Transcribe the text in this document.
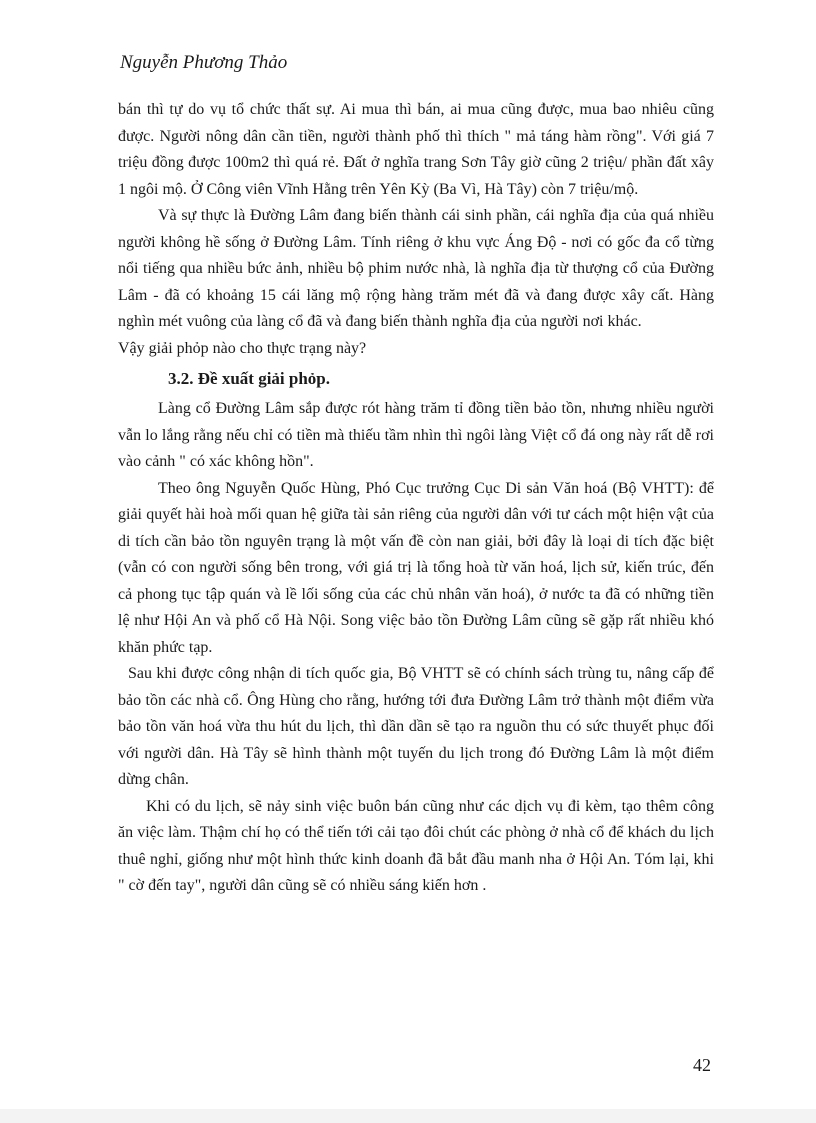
Nguyễn Phương Thảo

bán thì tự do vụ tổ chức thất sự. Ai mua thì bán, ai mua cũng được, mua bao nhiêu cũng được. Người nông dân cần tiền, người thành phố thì thích " mả táng hàm rồng". Với giá 7 triệu đồng được 100m2 thì quá rẻ. Đất ở nghĩa trang Sơn Tây giờ cũng 2 triệu/ phần đất xây 1 ngôi mộ. Ở Công viên Vĩnh Hằng trên Yên Kỳ (Ba Vì, Hà Tây) còn 7 triệu/mộ.

Và sự thực là Đường Lâm đang biến thành cái sinh phần, cái nghĩa địa của quá nhiều người không hề sống ở Đường Lâm. Tính riêng ở khu vực Áng Độ - nơi có gốc đa cổ từng nổi tiếng qua nhiều bức ảnh, nhiều bộ phim nước nhà, là nghĩa địa từ thượng cổ của Đường Lâm - đã có khoảng 15 cái lăng mộ rộng hàng trăm mét đã và đang được xây cất. Hàng nghìn mét vuông của làng cổ đã và đang biến thành nghĩa địa của người nơi khác.

Vậy giải phỏp nào cho thực trạng này?

3.2. Đề xuất giải phỏp.

Làng cổ Đường Lâm sắp được rót hàng trăm tỉ đồng tiền bảo tồn, nhưng nhiều người vẫn lo lắng rằng nếu chỉ có tiền mà thiếu tầm nhìn thì ngôi làng Việt cổ đá ong này rất dễ rơi vào cảnh " có xác không hồn".

Theo ông Nguyễn Quốc Hùng, Phó Cục trưởng Cục Di sản Văn hoá (Bộ VHTT): để giải quyết hài hoà mối quan hệ giữa tài sản riêng của người dân với tư cách một hiện vật của di tích cần bảo tồn nguyên trạng là một vấn đề còn nan giải, bởi đây là loại di tích đặc biệt (vẫn có con người sống bên trong, với giá trị là tổng hoà từ văn hoá, lịch sử, kiến trúc, đến cả phong tục tập quán và lề lối sống của các chủ nhân văn hoá), ở nước ta đã có những tiền lệ như Hội An và phố cổ Hà Nội. Song việc bảo tồn Đường Lâm cũng sẽ gặp rất nhiều khó khăn phức tạp.

Sau khi được công nhận di tích quốc gia, Bộ VHTT sẽ có chính sách trùng tu, nâng cấp để bảo tồn các nhà cổ. Ông Hùng cho rằng, hướng tới đưa Đường Lâm trở thành một điểm vừa bảo tồn văn hoá vừa thu hút du lịch, thì dần dần sẽ tạo ra nguồn thu có sức thuyết phục đối với người dân. Hà Tây sẽ hình thành một tuyến du lịch trong đó Đường Lâm là một điểm dừng chân.

Khi có du lịch, sẽ nảy sinh việc buôn bán cũng như các dịch vụ đi kèm, tạo thêm công ăn việc làm. Thậm chí họ có thể tiến tới cải tạo đôi chút các phòng ở nhà cổ để khách du lịch thuê nghỉ, giống như một hình thức kinh doanh đã bắt đầu manh nha ở Hội An. Tóm lại, khi " cờ đến tay", người dân cũng sẽ có nhiều sáng kiến hơn .

42
